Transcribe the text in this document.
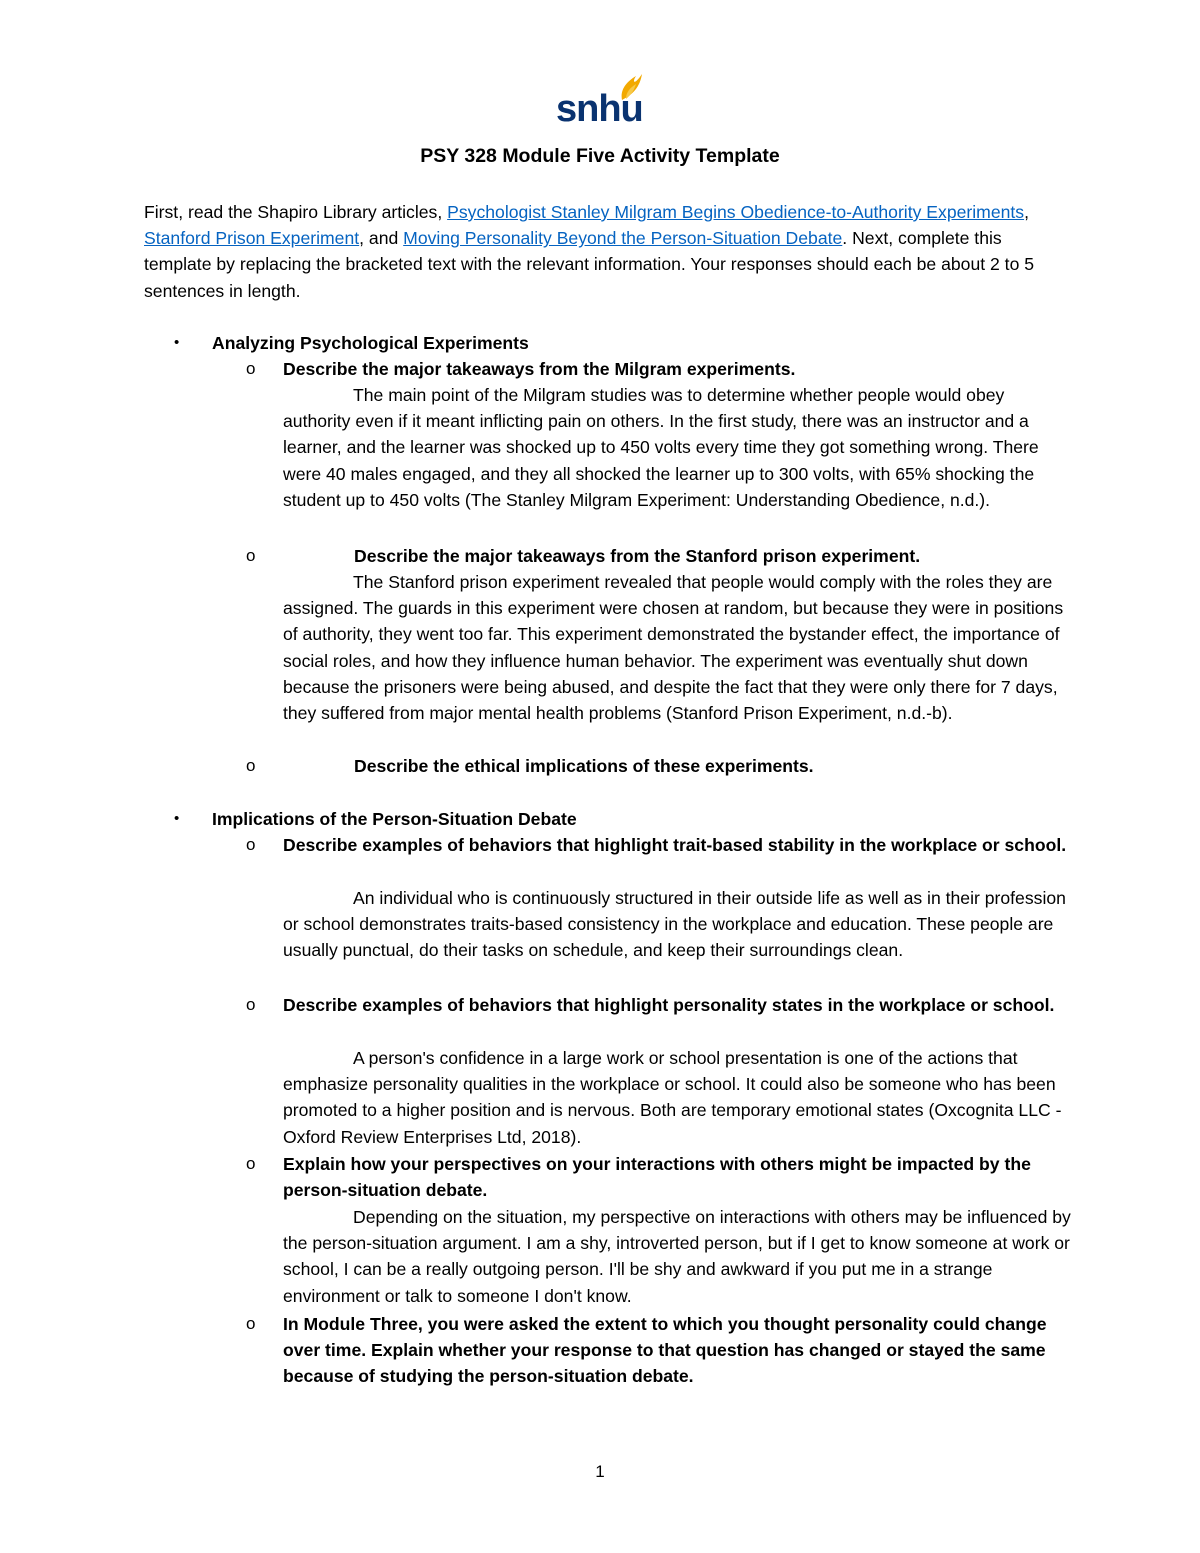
snhu
PSY 328 Module Five Activity Template
First, read the Shapiro Library articles, Psychologist Stanley Milgram Begins Obedience-to-Authority Experiments, Stanford Prison Experiment, and Moving Personality Beyond the Person-Situation Debate. Next, complete this template by replacing the bracketed text with the relevant information. Your responses should each be about 2 to 5 sentences in length.
• Analyzing Psychological Experiments
o Describe the major takeaways from the Milgram experiments.
The main point of the Milgram studies was to determine whether people would obey authority even if it meant inflicting pain on others. In the first study, there was an instructor and a learner, and the learner was shocked up to 450 volts every time they got something wrong. There were 40 males engaged, and they all shocked the learner up to 300 volts, with 65% shocking the student up to 450 volts (The Stanley Milgram Experiment: Understanding Obedience, n.d.).
o	Describe the major takeaways from the Stanford prison experiment.
The Stanford prison experiment revealed that people would comply with the roles they are assigned. The guards in this experiment were chosen at random, but because they were in positions of authority, they went too far. This experiment demonstrated the bystander effect, the importance of social roles, and how they influence human behavior. The experiment was eventually shut down because the prisoners were being abused, and despite the fact that they were only there for 7 days, they suffered from major mental health problems (Stanford Prison Experiment, n.d.-b).
o	Describe the ethical implications of these experiments.
• Implications of the Person-Situation Debate
o Describe examples of behaviors that highlight trait-based stability in the workplace or school.
An individual who is continuously structured in their outside life as well as in their profession or school demonstrates traits-based consistency in the workplace and education. These people are usually punctual, do their tasks on schedule, and keep their surroundings clean.
o Describe examples of behaviors that highlight personality states in the workplace or school.
A person's confidence in a large work or school presentation is one of the actions that emphasize personality qualities in the workplace or school. It could also be someone who has been promoted to a higher position and is nervous. Both are temporary emotional states (Oxcognita LLC - Oxford Review Enterprises Ltd, 2018).
o Explain how your perspectives on your interactions with others might be impacted by the person-situation debate.
Depending on the situation, my perspective on interactions with others may be influenced by the person-situation argument. I am a shy, introverted person, but if I get to know someone at work or school, I can be a really outgoing person. I'll be shy and awkward if you put me in a strange environment or talk to someone I don't know.
o In Module Three, you were asked the extent to which you thought personality could change over time. Explain whether your response to that question has changed or stayed the same because of studying the person-situation debate.
1
